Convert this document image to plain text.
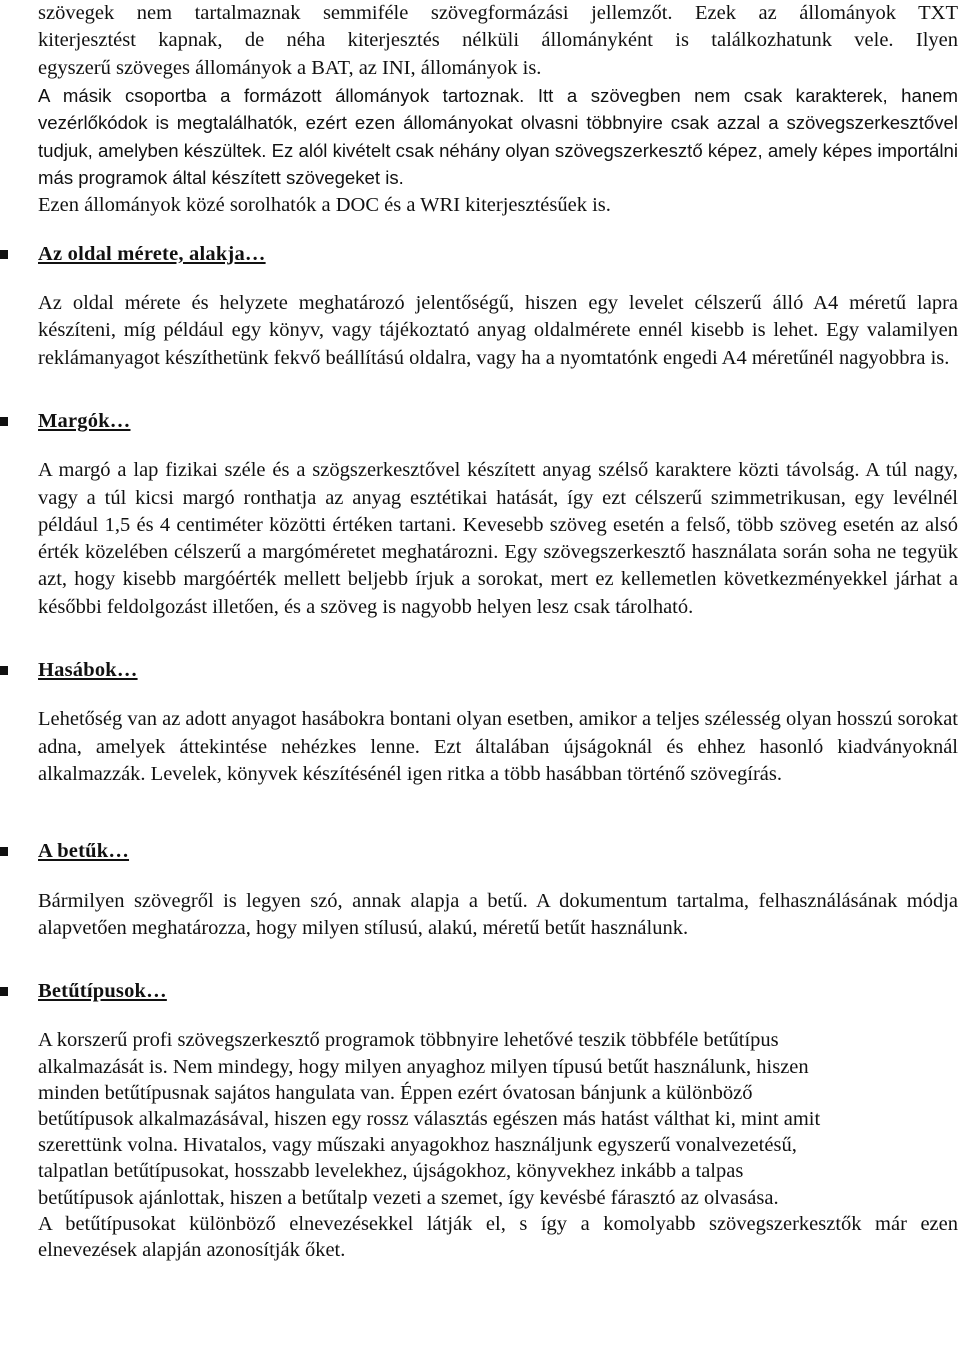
szövegek nem tartalmaznak semmiféle szövegformázási jellemzőt. Ezek az állományok TXT

kiterjesztést kapnak, de néha kiterjesztés nélküli állományként is találkozhatunk vele. Ilyen

egyszerű szöveges állományok a BAT, az INI, állományok is.

A másik csoportba a formázott állományok tartoznak. Itt a szövegben nem csak karakterek, hanem vezérlőkódok is megtalálhatók, ezért ezen állományokat olvasni többnyire csak azzal a szövegszerkesztővel tudjuk, amelyben készültek. Ez alól kivételt csak néhány olyan szövegszerkesztő képez, amely képes importálni más programok által készített szövegeket is.

Ezen állományok közé sorolhatók a DOC és a WRI kiterjesztésűek is.

Az oldal mérete, alakja…

Az oldal mérete és helyzete meghatározó jelentőségű, hiszen egy levelet célszerű álló A4 méretű lapra készíteni, míg például egy könyv, vagy tájékoztató anyag oldalmérete ennél kisebb is lehet. Egy valamilyen reklámanyagot készíthetünk fekvő beállítású oldalra, vagy ha a nyomtatónk engedi A4 méretűnél nagyobbra is.

Margók…

A margó a lap fizikai széle és a szögszerkesztővel készített anyag szélső karaktere közti távolság. A túl nagy, vagy a túl kicsi margó ronthatja az anyag esztétikai hatását, így ezt célszerű szimmetrikusan, egy levélnél például 1,5 és 4 centiméter közötti értéken tartani. Kevesebb szöveg esetén a felső, több szöveg esetén az alsó érték közelében célszerű a margóméretet meghatározni. Egy szövegszerkesztő használata során soha ne tegyük azt, hogy kisebb margóérték mellett beljebb írjuk a sorokat, mert ez kellemetlen következményekkel járhat a későbbi feldolgozást illetően, és a szöveg is nagyobb helyen lesz csak tárolható.

Hasábok…

Lehetőség van az adott anyagot hasábokra bontani olyan esetben, amikor a teljes szélesség olyan hosszú sorokat adna, amelyek áttekintése nehézkes lenne. Ezt általában újságoknál és ehhez hasonló kiadványoknál alkalmazzák. Levelek, könyvek készítésénél igen ritka a több hasábban történő szövegírás.

A betűk…

Bármilyen szövegről is legyen szó, annak alapja a betű. A dokumentum tartalma, felhasználásának módja alapvetően meghatározza, hogy milyen stílusú, alakú, méretű betűt használunk.

Betűtípusok…

A korszerű profi szövegszerkesztő programok többnyire lehetővé teszik többféle betűtípus

alkalmazását is. Nem mindegy, hogy milyen anyaghoz milyen típusú betűt használunk, hiszen

minden betűtípusnak sajátos hangulata van. Éppen ezért óvatosan bánjunk a különböző

betűtípusok alkalmazásával, hiszen egy rossz választás egészen más hatást válthat ki, mint amit

szerettünk volna. Hivatalos, vagy műszaki anyagokhoz használjunk egyszerű vonalvezetésű,

talpatlan betűtípusokat, hosszabb levelekhez, újságokhoz, könyvekhez inkább a talpas

betűtípusok ajánlottak, hiszen a betűtalp vezeti a szemet, így kevésbé fárasztó az olvasása.

A betűtípusokat különböző elnevezésekkel látják el, s így a komolyabb szövegszerkesztők már ezen elnevezések alapján azonosítják őket.
